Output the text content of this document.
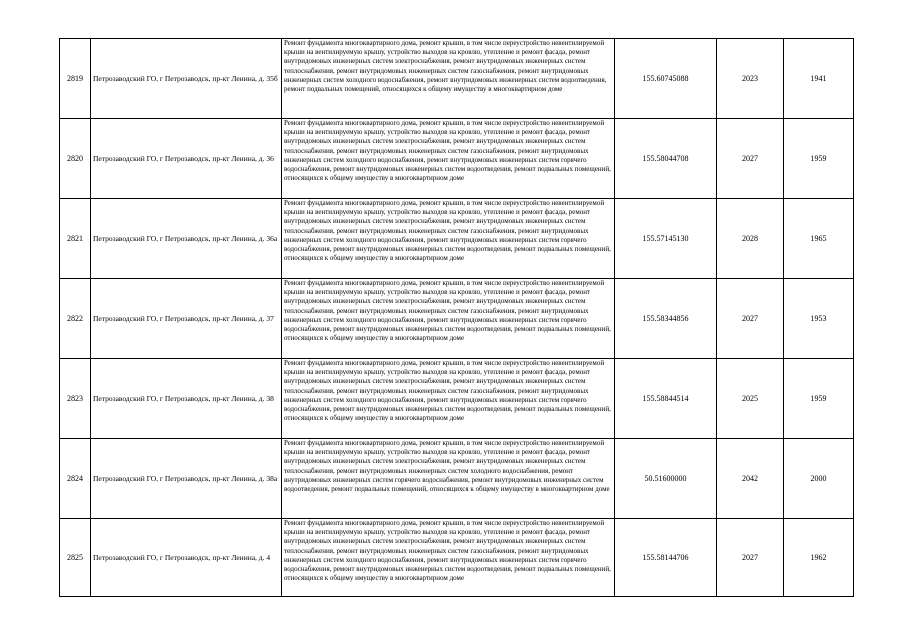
2819	Петрозаводский ГО, г Петрозаводск, пр-кт Ленина, д. 35б	Ремонт фундамента многоквартирного дома, ремонт крыши, в том числе переустройство невентилируемой крыши на вентилируемую крышу, устройство выходов на кровлю, утепление и ремонт фасада, ремонт внутридомовых инженерных систем электроснабжения, ремонт внутридомовых инженерных систем теплоснабжения, ремонт внутридомовых инженерных систем газоснабжения, ремонт внутридомовых инженерных систем холодного водоснабжения, ремонт внутридомовых инженерных систем водоотведения, ремонт подвальных помещений, относящихся к общему имуществу в многоквартирном доме	155.60745088	2023	1941
2820	Петрозаводский ГО, г Петрозаводск, пр-кт Ленина, д. 36	Ремонт фундамента многоквартирного дома, ремонт крыши, в том числе переустройство невентилируемой крыши на вентилируемую крышу, устройство выходов на кровлю, утепление и ремонт фасада, ремонт внутридомовых инженерных систем электроснабжения, ремонт внутридомовых инженерных систем теплоснабжения, ремонт внутридомовых инженерных систем газоснабжения, ремонт внутридомовых инженерных систем холодного водоснабжения, ремонт внутридомовых инженерных систем горячего водоснабжения, ремонт внутридомовых инженерных систем водоотведения, ремонт подвальных помещений, относящихся к общему имуществу в многоквартирном доме	155.58044708	2027	1959
2821	Петрозаводский ГО, г Петрозаводск, пр-кт Ленина, д. 36а	Ремонт фундамента многоквартирного дома, ремонт крыши, в том числе переустройство невентилируемой крыши на вентилируемую крышу, устройство выходов на кровлю, утепление и ремонт фасада, ремонт внутридомовых инженерных систем электроснабжения, ремонт внутридомовых инженерных систем теплоснабжения, ремонт внутридомовых инженерных систем газоснабжения, ремонт внутридомовых инженерных систем холодного водоснабжения, ремонт внутридомовых инженерных систем горячего водоснабжения, ремонт внутридомовых инженерных систем водоотведения, ремонт подвальных помещений, относящихся к общему имуществу в многоквартирном доме	155.57145130	2028	1965
2822	Петрозаводский ГО, г Петрозаводск, пр-кт Ленина, д. 37	Ремонт фундамента многоквартирного дома, ремонт крыши, в том числе переустройство невентилируемой крыши на вентилируемую крышу, устройство выходов на кровлю, утепление и ремонт фасада, ремонт внутридомовых инженерных систем электроснабжения, ремонт внутридомовых инженерных систем теплоснабжения, ремонт внутридомовых инженерных систем газоснабжения, ремонт внутридомовых инженерных систем холодного водоснабжения, ремонт внутридомовых инженерных систем горячего водоснабжения, ремонт внутридомовых инженерных систем водоотведения, ремонт подвальных помещений, относящихся к общему имуществу в многоквартирном доме	155.58344856	2027	1953
2823	Петрозаводский ГО, г Петрозаводск, пр-кт Ленина, д. 38	Ремонт фундамента многоквартирного дома, ремонт крыши, в том числе переустройство невентилируемой крыши на вентилируемую крышу, устройство выходов на кровлю, утепление и ремонт фасада, ремонт внутридомовых инженерных систем электроснабжения, ремонт внутридомовых инженерных систем теплоснабжения, ремонт внутридомовых инженерных систем газоснабжения, ремонт внутридомовых инженерных систем холодного водоснабжения, ремонт внутридомовых инженерных систем горячего водоснабжения, ремонт внутридомовых инженерных систем водоотведения, ремонт подвальных помещений, относящихся к общему имуществу в многоквартирном доме	155.58844514	2025	1959
2824	Петрозаводский ГО, г Петрозаводск, пр-кт Ленина, д. 38а	Ремонт фундамента многоквартирного дома, ремонт крыши, в том числе переустройство невентилируемой крыши на вентилируемую крышу, устройство выходов на кровлю, утепление и ремонт фасада, ремонт внутридомовых инженерных систем электроснабжения, ремонт внутридомовых инженерных систем теплоснабжения, ремонт внутридомовых инженерных систем холодного водоснабжения, ремонт внутридомовых инженерных систем горячего водоснабжения, ремонт внутридомовых инженерных систем водоотведения, ремонт подвальных помещений, относящихся к общему имуществу в многоквартирном доме	50.51600000	2042	2000
2825	Петрозаводский ГО, г Петрозаводск, пр-кт Ленина, д. 4	Ремонт фундамента многоквартирного дома, ремонт крыши, в том числе переустройство невентилируемой крыши на вентилируемую крышу, устройство выходов на кровлю, утепление и ремонт фасада, ремонт внутридомовых инженерных систем электроснабжения, ремонт внутридомовых инженерных систем теплоснабжения, ремонт внутридомовых инженерных систем газоснабжения, ремонт внутридомовых инженерных систем холодного водоснабжения, ремонт внутридомовых инженерных систем горячего водоснабжения, ремонт внутридомовых инженерных систем водоотведения, ремонт подвальных помещений, относящихся к общему имуществу в многоквартирном доме	155.58144706	2027	1962
